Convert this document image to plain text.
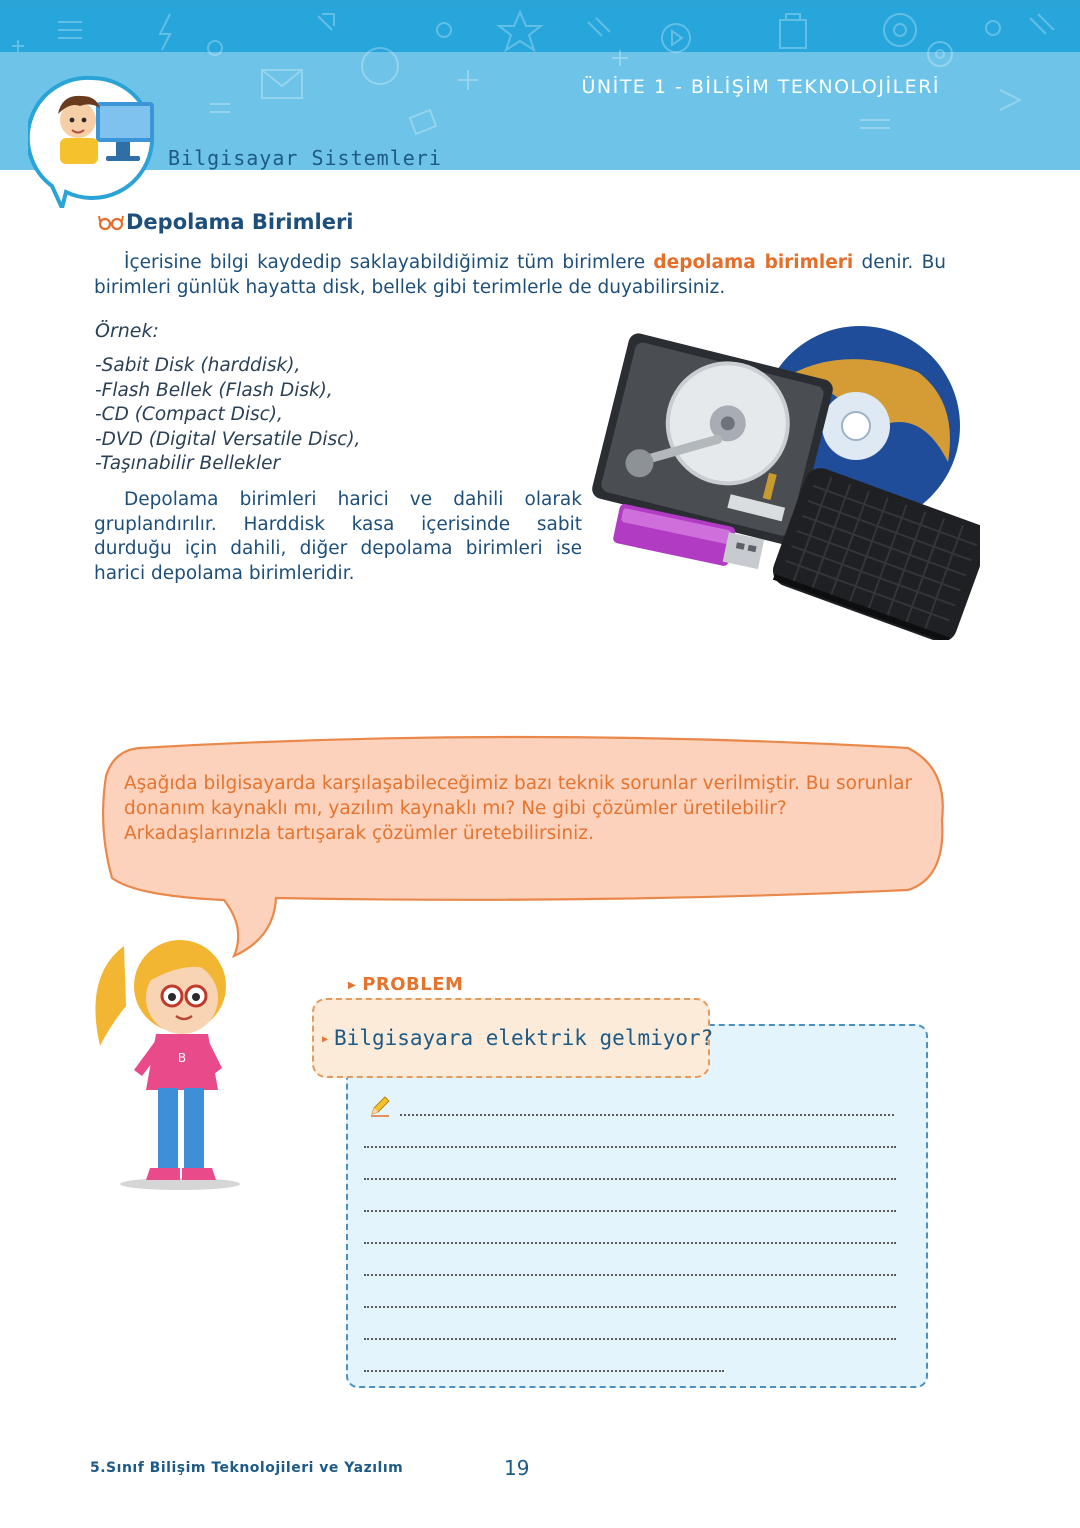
ÜNİTE 1 - BİLİŞİM TEKNOLOJİLERİ
Bilgisayar Sistemleri
Depolama Birimleri
İçerisine bilgi kaydedip saklayabildiğimiz tüm birimlere depolama birimleri denir. Bu birimleri günlük hayatta disk, bellek gibi terimlerle de duyabilirsiniz.
Örnek:
-Sabit Disk (harddisk),
-Flash Bellek (Flash Disk),
-CD (Compact Disc),
-DVD (Digital Versatile Disc),
-Taşınabilir Bellekler
Depolama birimleri harici ve dahili olarak gruplandırılır. Harddisk kasa içerisinde sabit durduğu için dahili, diğer depolama birimleri ise harici depolama birimleridir.
Aşağıda bilgisayarda karşılaşabileceğimiz bazı teknik sorunlar verilmiştir. Bu sorunlar donanım kaynaklı mı, yazılım kaynaklı mı? Ne gibi çözümler üretilebilir? Arkadaşlarınızla tartışarak çözümler üretebilirsiniz.
B
▶ PROBLEM
▶ Bilgisayara elektrik gelmiyor?
5.Sınıf Bilişim Teknolojileri ve Yazılım	19
